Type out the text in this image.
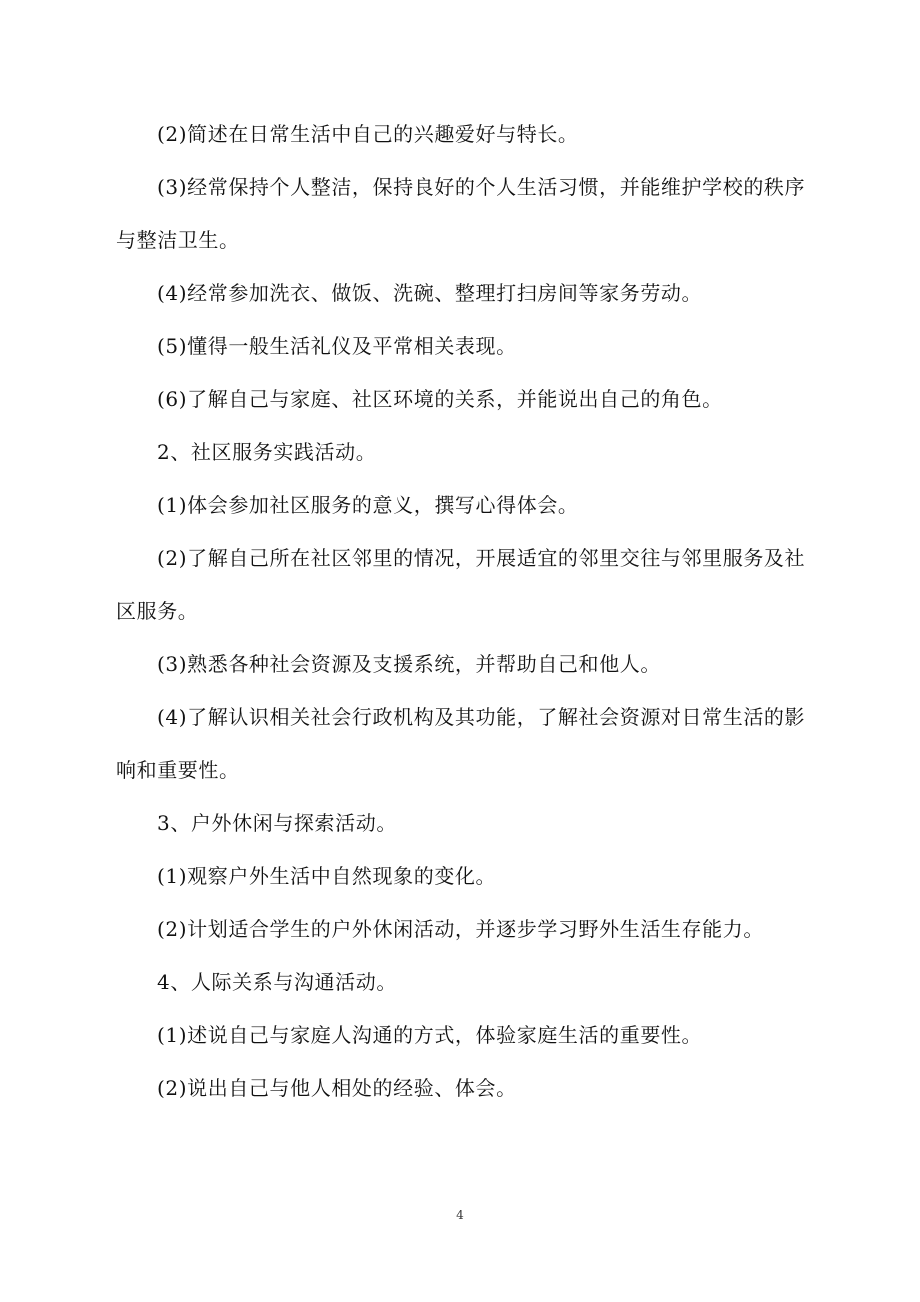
(2)简述在日常生活中自己的兴趣爱好与特长。

(3)经常保持个人整洁，保持良好的个人生活习惯，并能维护学校的秩序与整洁卫生。

(4)经常参加洗衣、做饭、洗碗、整理打扫房间等家务劳动。

(5)懂得一般生活礼仪及平常相关表现。

(6)了解自己与家庭、社区环境的关系，并能说出自己的角色。

2、社区服务实践活动。

(1)体会参加社区服务的意义，撰写心得体会。

(2)了解自己所在社区邻里的情况，开展适宜的邻里交往与邻里服务及社区服务。

(3)熟悉各种社会资源及支援系统，并帮助自己和他人。

(4)了解认识相关社会行政机构及其功能，了解社会资源对日常生活的影响和重要性。

3、户外休闲与探索活动。

(1)观察户外生活中自然现象的变化。

(2)计划适合学生的户外休闲活动，并逐步学习野外生活生存能力。

4、人际关系与沟通活动。

(1)述说自己与家庭人沟通的方式，体验家庭生活的重要性。

(2)说出自己与他人相处的经验、体会。

4
